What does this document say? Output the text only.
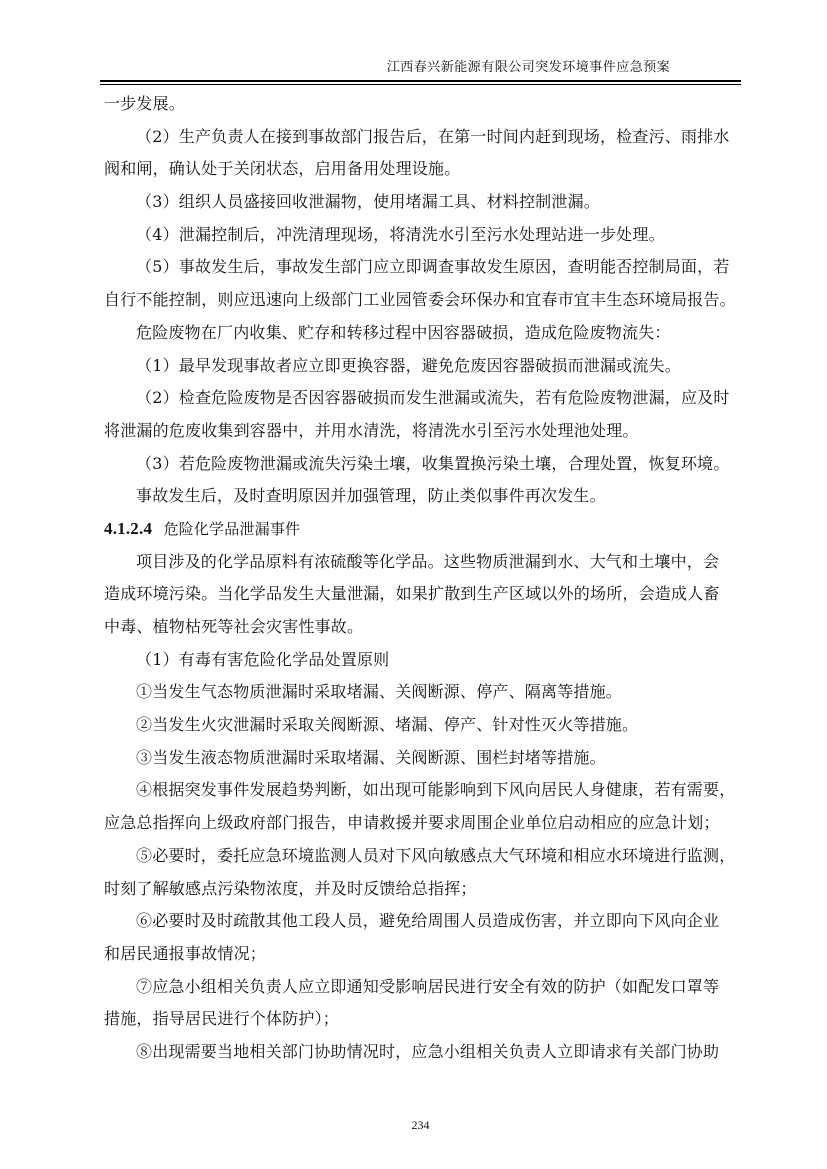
江西春兴新能源有限公司突发环境事件应急预案
一步发展。
（2）生产负责人在接到事故部门报告后，在第一时间内赶到现场，检查污、雨排水
阀和闸，确认处于关闭状态，启用备用处理设施。
（3）组织人员盛接回收泄漏物，使用堵漏工具、材料控制泄漏。
（4）泄漏控制后，冲洗清理现场，将清洗水引至污水处理站进一步处理。
（5）事故发生后，事故发生部门应立即调查事故发生原因，查明能否控制局面，若
自行不能控制，则应迅速向上级部门工业园管委会环保办和宜春市宜丰生态环境局报告。
危险废物在厂内收集、贮存和转移过程中因容器破损，造成危险废物流失：
（1）最早发现事故者应立即更换容器，避免危废因容器破损而泄漏或流失。
（2）检查危险废物是否因容器破损而发生泄漏或流失，若有危险废物泄漏，应及时
将泄漏的危废收集到容器中，并用水清洗，将清洗水引至污水处理池处理。
（3）若危险废物泄漏或流失污染土壤，收集置换污染土壤，合理处置，恢复环境。
事故发生后，及时查明原因并加强管理，防止类似事件再次发生。
4.1.2.4 危险化学品泄漏事件
项目涉及的化学品原料有浓硫酸等化学品。这些物质泄漏到水、大气和土壤中，会
造成环境污染。当化学品发生大量泄漏，如果扩散到生产区域以外的场所，会造成人畜
中毒、植物枯死等社会灾害性事故。
（1）有毒有害危险化学品处置原则
①当发生气态物质泄漏时采取堵漏、关阀断源、停产、隔离等措施。
②当发生火灾泄漏时采取关阀断源、堵漏、停产、针对性灭火等措施。
③当发生液态物质泄漏时采取堵漏、关阀断源、围栏封堵等措施。
④根据突发事件发展趋势判断，如出现可能影响到下风向居民人身健康，若有需要，
应急总指挥向上级政府部门报告，申请救援并要求周围企业单位启动相应的应急计划；
⑤必要时，委托应急环境监测人员对下风向敏感点大气环境和相应水环境进行监测，
时刻了解敏感点污染物浓度，并及时反馈给总指挥；
⑥必要时及时疏散其他工段人员，避免给周围人员造成伤害，并立即向下风向企业
和居民通报事故情况；
⑦应急小组相关负责人应立即通知受影响居民进行安全有效的防护（如配发口罩等
措施，指导居民进行个体防护）；
⑧出现需要当地相关部门协助情况时，应急小组相关负责人立即请求有关部门协助
234
